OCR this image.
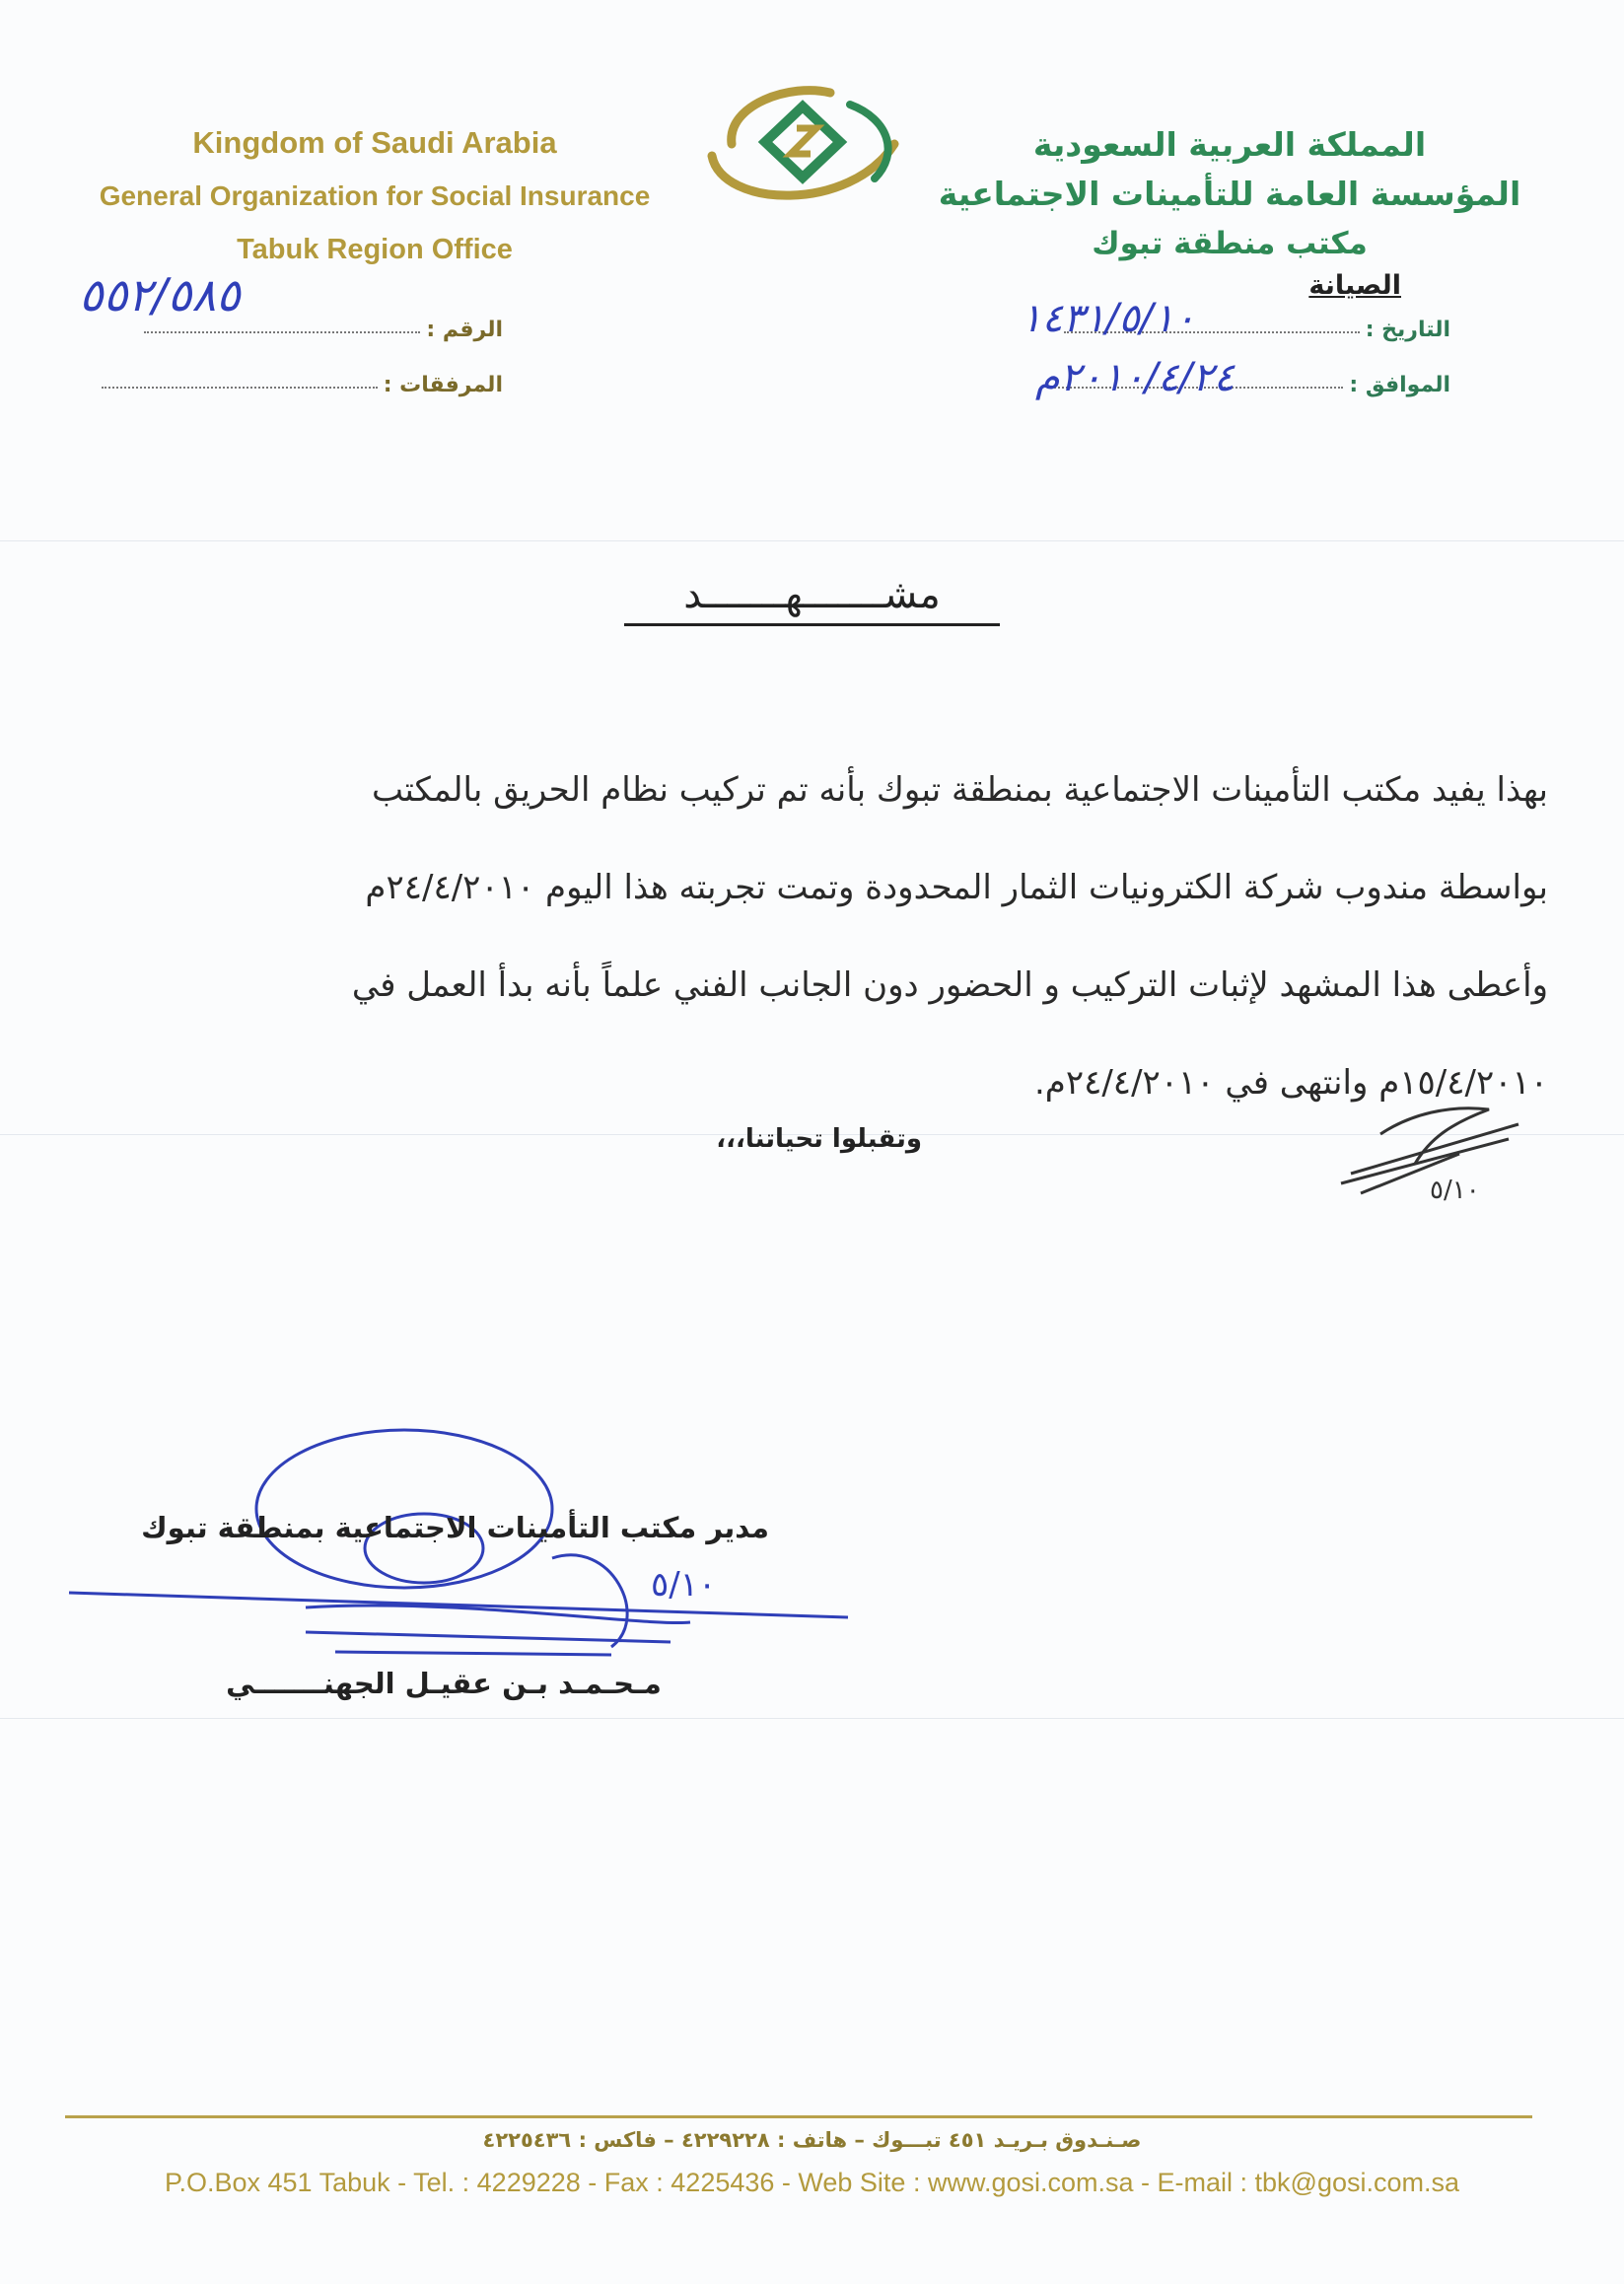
Kingdom of Saudi Arabia
General Organization for Social Insurance
Tabuk Region Office
المملكة العربية السعودية
المؤسسة العامة للتأمينات الاجتماعية
مكتب منطقة تبوك
الصيانة
الرقم :
المرفقات :
التاريخ :
الموافق :
٥٥٢/٥٨٥	١٤٣١/٥/١٠
٢٠١٠/٤/٢٤م
مشـــــــهـــــــد

بهذا يفيد مكتب التأمينات الاجتماعية بمنطقة تبوك بأنه تم تركيب نظام الحريق بالمكتب

بواسطة مندوب شركة الكترونيات الثمار المحدودة وتمت تجربته هذا اليوم ٢٤/٤/٢٠١٠م

وأعطى هذا المشهد لإثبات التركيب و الحضور دون الجانب الفني علماً بأنه بدأ العمل في

١٥/٤/٢٠١٠م وانتهى في ٢٤/٤/٢٠١٠م.

وتقبلوا تحياتنا،،،
٥/١٠
٥/١٠
مدير مكتب التأمينات الاجتماعية بمنطقة تبوك
مـحـمـد بـن عقيـل الجهنـــــــي
صـنـدوق بـريـد ٤٥١ تبـــوك – هاتف : ٤٢٢٩٢٢٨ – فاكس : ٤٢٢٥٤٣٦
P.O.Box 451 Tabuk - Tel. : 4229228 - Fax : 4225436 - Web Site : www.gosi.com.sa - E-mail : tbk@gosi.com.sa
